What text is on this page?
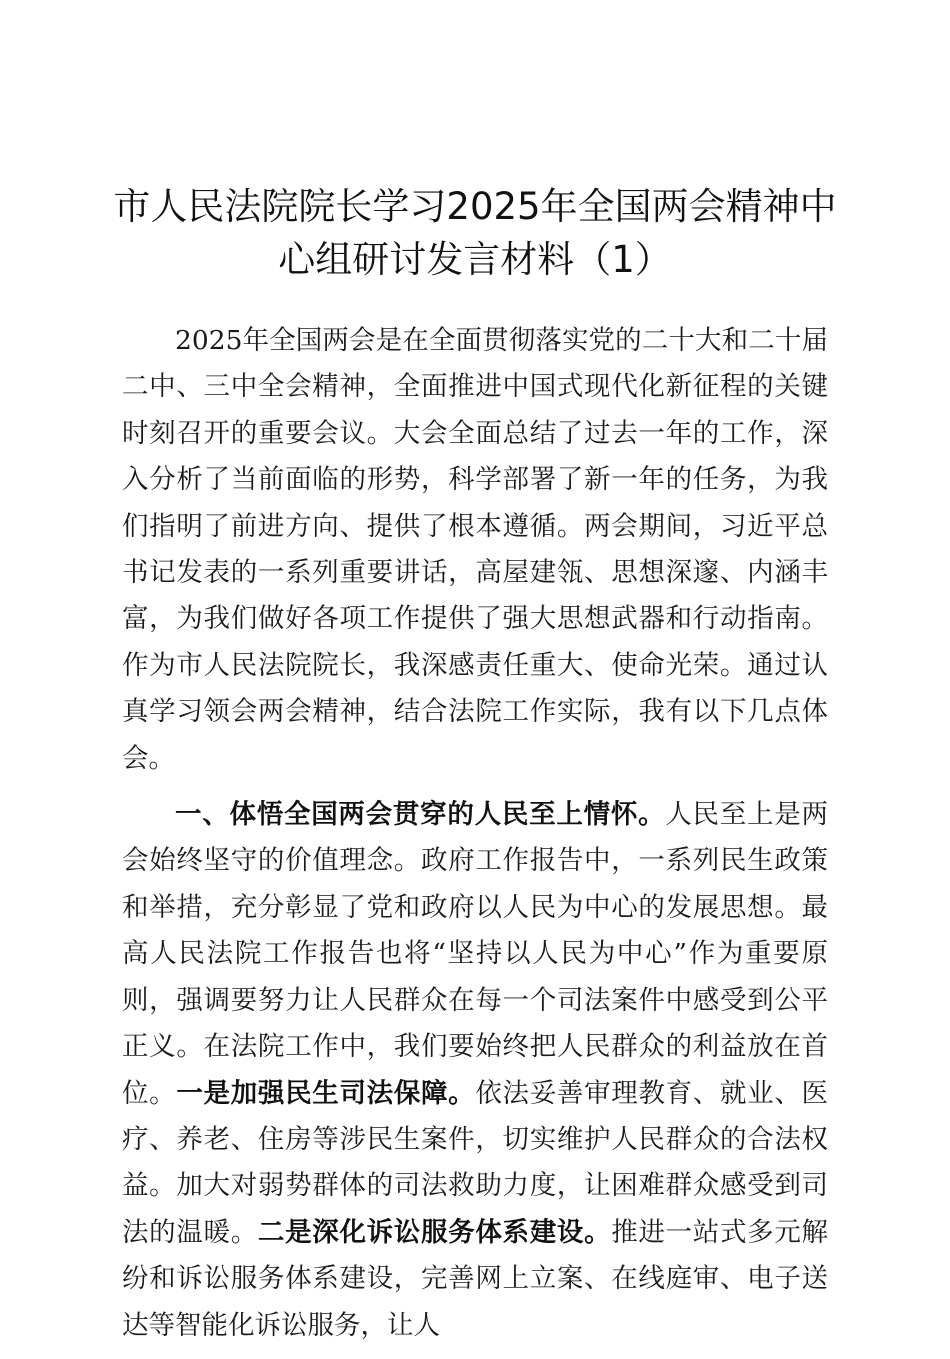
市人民法院院长学习2025年全国两会精神中
心组研讨发言材料（1）

2025年全国两会是在全面贯彻落实党的二十大和二十届二中、三中全会精神，全面推进中国式现代化新征程的关键时刻召开的重要会议。大会全面总结了过去一年的工作，深入分析了当前面临的形势，科学部署了新一年的任务，为我们指明了前进方向、提供了根本遵循。两会期间，习近平总书记发表的一系列重要讲话，高屋建瓴、思想深邃、内涵丰富，为我们做好各项工作提供了强大思想武器和行动指南。作为市人民法院院长，我深感责任重大、使命光荣。通过认真学习领会两会精神，结合法院工作实际，我有以下几点体会。

一、体悟全国两会贯穿的人民至上情怀。人民至上是两会始终坚守的价值理念。政府工作报告中，一系列民生政策和举措，充分彰显了党和政府以人民为中心的发展思想。最高人民法院工作报告也将“坚持以人民为中心”作为重要原则，强调要努力让人民群众在每一个司法案件中感受到公平正义。在法院工作中，我们要始终把人民群众的利益放在首位。一是加强民生司法保障。依法妥善审理教育、就业、医疗、养老、住房等涉民生案件，切实维护人民群众的合法权益。加大对弱势群体的司法救助力度，让困难群众感受到司法的温暖。二是深化诉讼服务体系建设。推进一站式多元解纷和诉讼服务体系建设，完善网上立案、在线庭审、电子送达等智能化诉讼服务，让人
